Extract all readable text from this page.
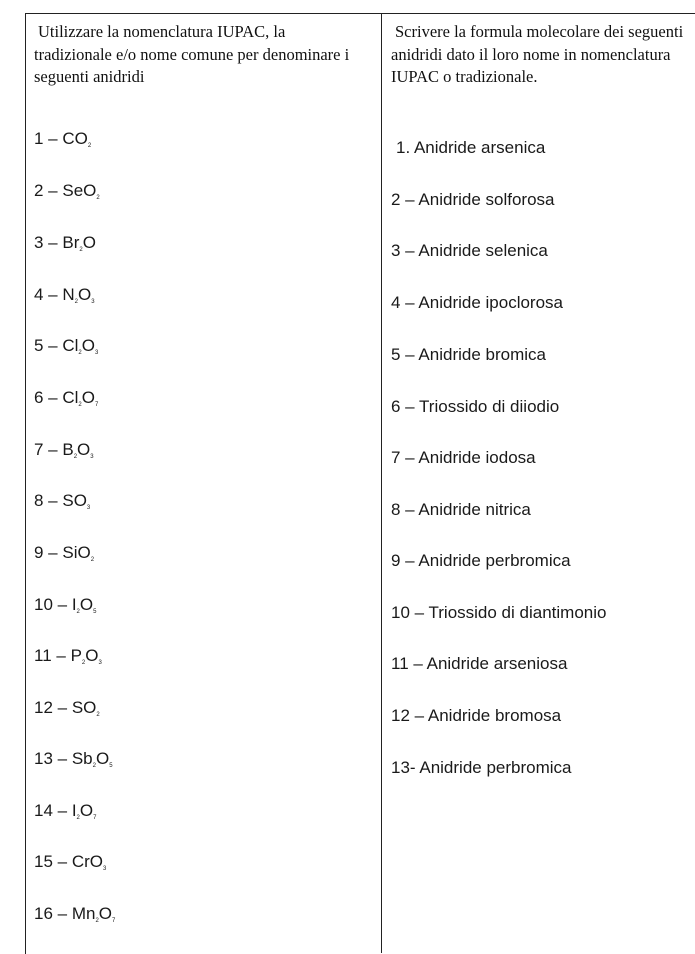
Utilizzare la nomenclatura IUPAC, la tradizionale e/o nome comune per denominare i seguenti anidridi
Scrivere la formula molecolare dei seguenti anidridi dato il loro nome in nomenclatura IUPAC o tradizionale.
$1 - CO_2$
2 – SeO$_2$
$3 - Br_2O$
$4 - N_2O_3$
$5 - Cl_2O_3$
$6 - Cl_2O_7$
$7 - B_2O_3$
$8 - SO_3$
9 – SiO$_2$
$10 - I_2O_5$
$11 - P_2O_3$
$12 - SO_2$
$13 - Sb_2O_5$
$14 - I_2O_7$
15 – CrO$_3$
$16 - Mn_2O_7$
1. Anidride arsenica
2 – Anidride solforosa
3 – Anidride selenica
4 – Anidride ipoclorosa
5 – Anidride bromica
6 – Triossido di diiodio
7 – Anidride iodosa
8 – Anidride nitrica
9 – Anidride perbromica
10 – Triossido di diantimonio
11 – Anidride arseniosa
12 – Anidride bromosa
13- Anidride perbromica
